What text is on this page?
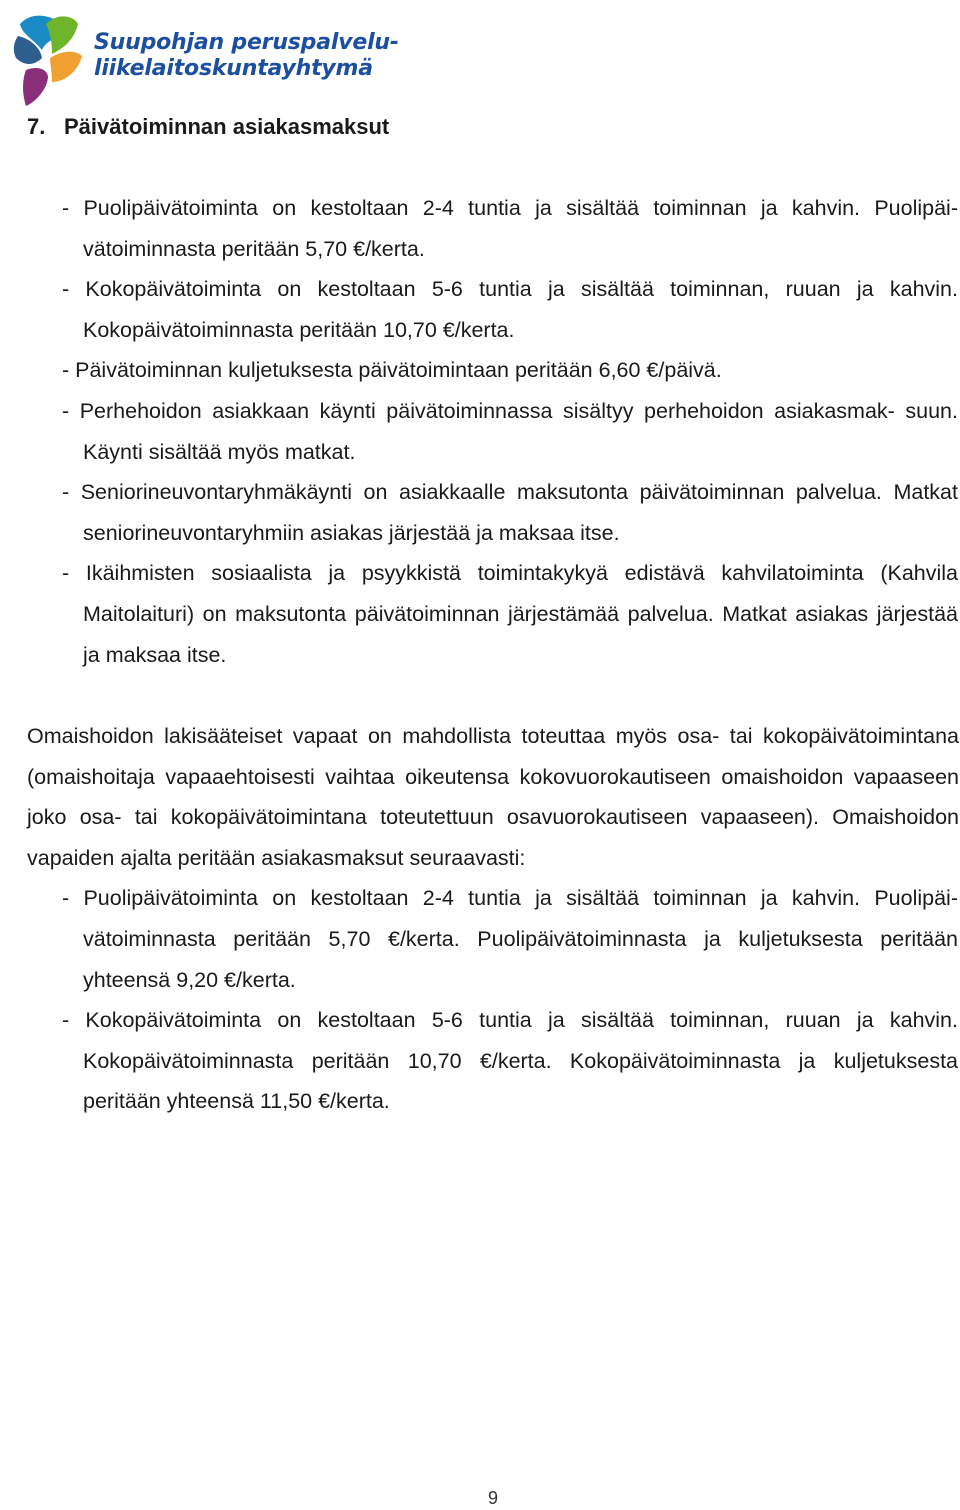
Suupohjan peruspalvelu-
liikelaitoskuntayhtymä
7. Päivätoiminnan asiakasmaksut

- Puolipäivätoiminta on kestoltaan 2-4 tuntia ja sisältää toiminnan ja kahvin. Puolipäi- vätoiminnasta peritään 5,70 €/kerta.

- Kokopäivätoiminta on kestoltaan 5-6 tuntia ja sisältää toiminnan, ruuan ja kahvin. Kokopäivätoiminnasta peritään 10,70 €/kerta.

- Päivätoiminnan kuljetuksesta päivätoimintaan peritään 6,60 €/päivä.

- Perhehoidon asiakkaan käynti päivätoiminnassa sisältyy perhehoidon asiakasmak- suun. Käynti sisältää myös matkat.

- Seniorineuvontaryhmäkäynti on asiakkaalle maksutonta päivätoiminnan palvelua. Matkat seniorineuvontaryhmiin asiakas järjestää ja maksaa itse.

- Ikäihmisten sosiaalista ja psyykkistä toimintakykyä edistävä kahvilatoiminta (Kahvila Maitolaituri) on maksutonta päivätoiminnan järjestämää palvelua. Matkat asiakas järjestää ja maksaa itse.

Omaishoidon lakisääteiset vapaat on mahdollista toteuttaa myös osa- tai kokopäivätoimintana (omaishoitaja vapaaehtoisesti vaihtaa oikeutensa kokovuorokautiseen omaishoidon vapaaseen joko osa- tai kokopäivätoimintana toteutettuun osavuorokautiseen vapaaseen). Omaishoidon vapaiden ajalta peritään asiakasmaksut seuraavasti:

- Puolipäivätoiminta on kestoltaan 2-4 tuntia ja sisältää toiminnan ja kahvin. Puolipäi- vätoiminnasta peritään 5,70 €/kerta. Puolipäivätoiminnasta ja kuljetuksesta peritään yhteensä 9,20 €/kerta.

- Kokopäivätoiminta on kestoltaan 5-6 tuntia ja sisältää toiminnan, ruuan ja kahvin. Kokopäivätoiminnasta peritään 10,70 €/kerta. Kokopäivätoiminnasta ja kuljetuksesta peritään yhteensä 11,50 €/kerta.

9
